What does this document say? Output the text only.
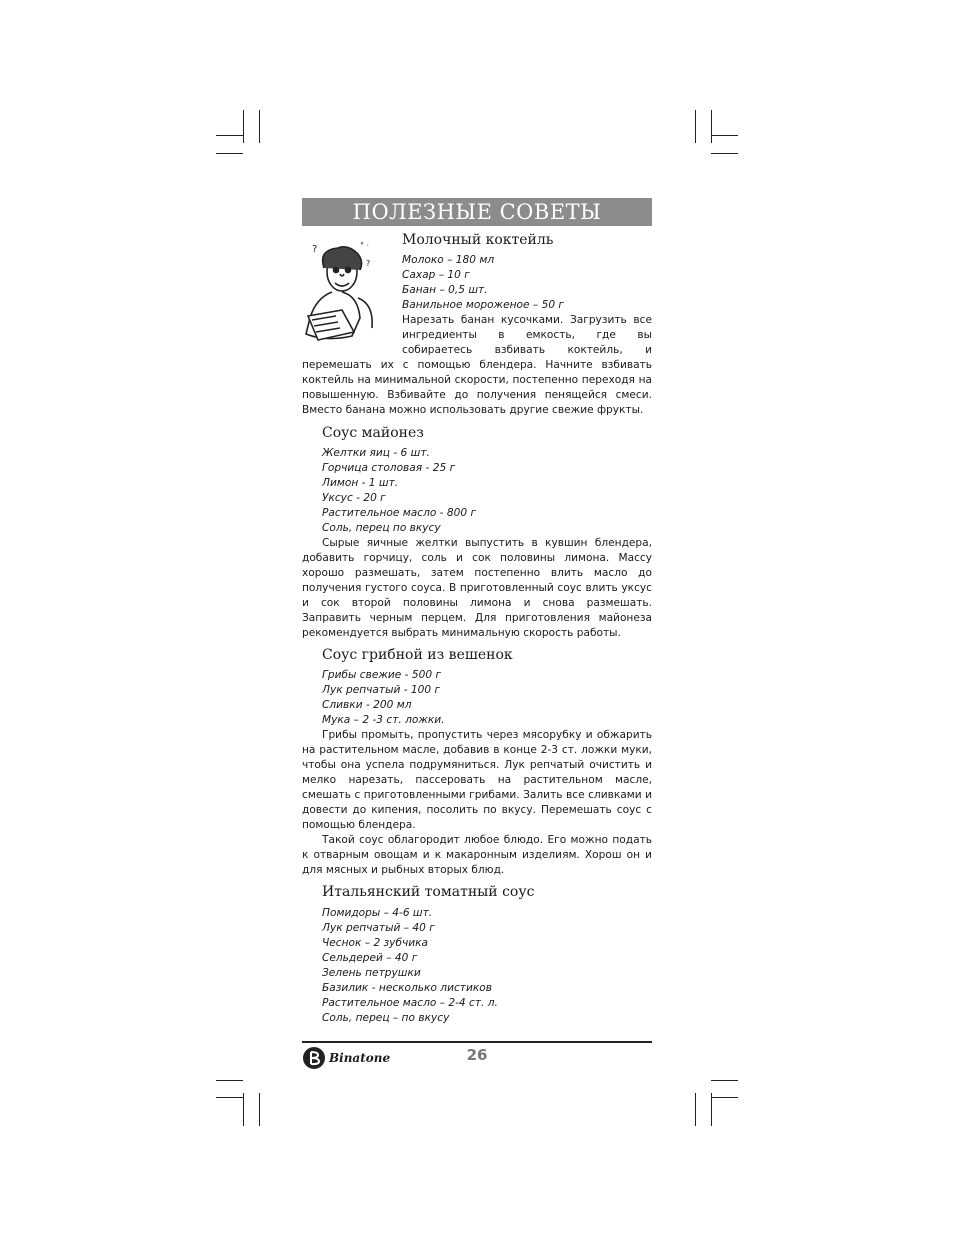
ПОЛЕЗНЫЕ СОВЕТЫ
?	° ·
?
Молочный коктейль
Молоко – 180 мл
Сахар – 10 г
Банан – 0,5 шт.
Ванильное мороженое – 50 г
Нарезать банан кусочками. Загрузить все ингредиенты в емкость, где вы собираетесь взбивать коктейль, и перемешать их с помощью блендера. Начните взбивать коктейль на минимальной скорости, постепенно переходя на повышенную. Взбивайте до получения пенящейся смеси. Вместо банана можно использовать другие свежие фрукты.
Соус майонез
Желтки яиц - 6 шт.
Горчица столовая - 25 г
Лимон - 1 шт.
Уксус - 20 г
Растительное масло - 800 г
Соль, перец по вкусу
Сырые яичные желтки выпустить в кувшин блендера, добавить горчицу, соль и сок половины лимона. Массу хорошо размешать, затем постепенно влить масло до получения густого соуса. В приготовленный соус влить уксус и сок второй половины лимона и снова размешать. Заправить черным перцем. Для приготовления майонеза рекомендуется выбрать минимальную скорость работы.
Соус грибной из вешенок
Грибы свежие - 500 г
Лук репчатый - 100 г
Сливки - 200 мл
Мука – 2 -3 ст. ложки.
Грибы промыть, пропустить через мясорубку и обжарить на растительном масле, добавив в конце 2-3 ст. ложки муки, чтобы она успела подрумяниться. Лук репчатый очистить и мелко нарезать, пассеровать на растительном масле, смешать с приготовленными грибами. Залить все сливками и довести до кипения, посолить по вкусу. Перемешать соус с помощью блендера.
Такой соус облагородит любое блюдо. Его можно подать к отварным овощам и к макаронным изделиям. Хорош он и для мясных и рыбных вторых блюд.
Итальянский томатный соус
Помидоры – 4-6 шт.
Лук репчатый – 40 г
Чеснок – 2 зубчика
Сельдерей – 40 г
Зелень петрушки
Базилик - несколько листиков
Растительное масло – 2-4 ст. л.
Соль, перец – по вкусу
Binatone	26
